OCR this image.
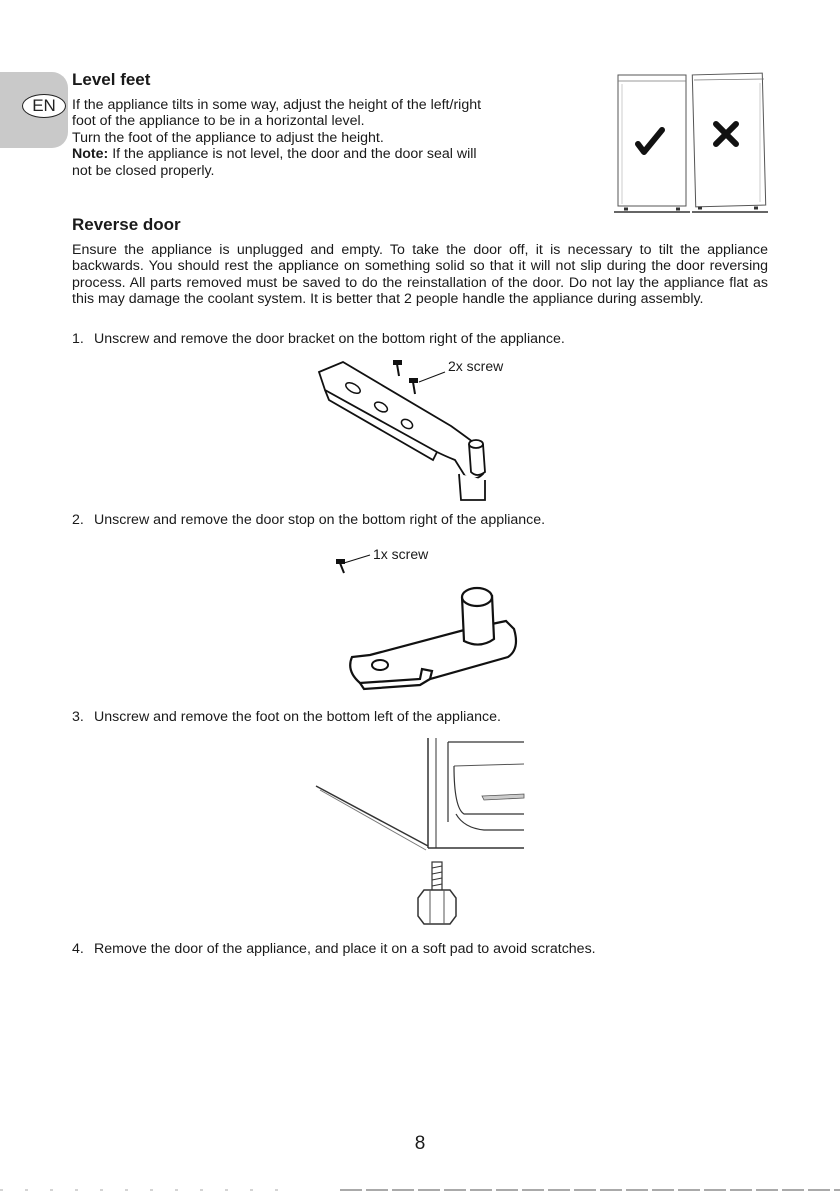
EN
Level feet

If the appliance tilts in some way, adjust the height of the left/right
foot of the appliance to be in a horizontal level.
Turn the foot of the appliance to adjust the height.
Note: If the appliance is not level, the door and the door seal will
not be closed properly.

Reverse door

Ensure the appliance is unplugged and empty. To take the door off, it is necessary to tilt the appliance backwards. You should rest the appliance on something solid so that it will not slip during the door reversing process. All parts removed must be saved to do the reinstallation of the door. Do not lay the appliance flat as this may damage the coolant system. It is better that 2 people handle the appliance during assembly.

1. Unscrew and remove the door bracket on the bottom right of the appliance.

2x screw

2. Unscrew and remove the door stop on the bottom right of the appliance.

1x screw

3. Unscrew and remove the foot on the bottom left of the appliance.

4. Remove the door of the appliance, and place it on a soft pad to avoid scratches.

8
